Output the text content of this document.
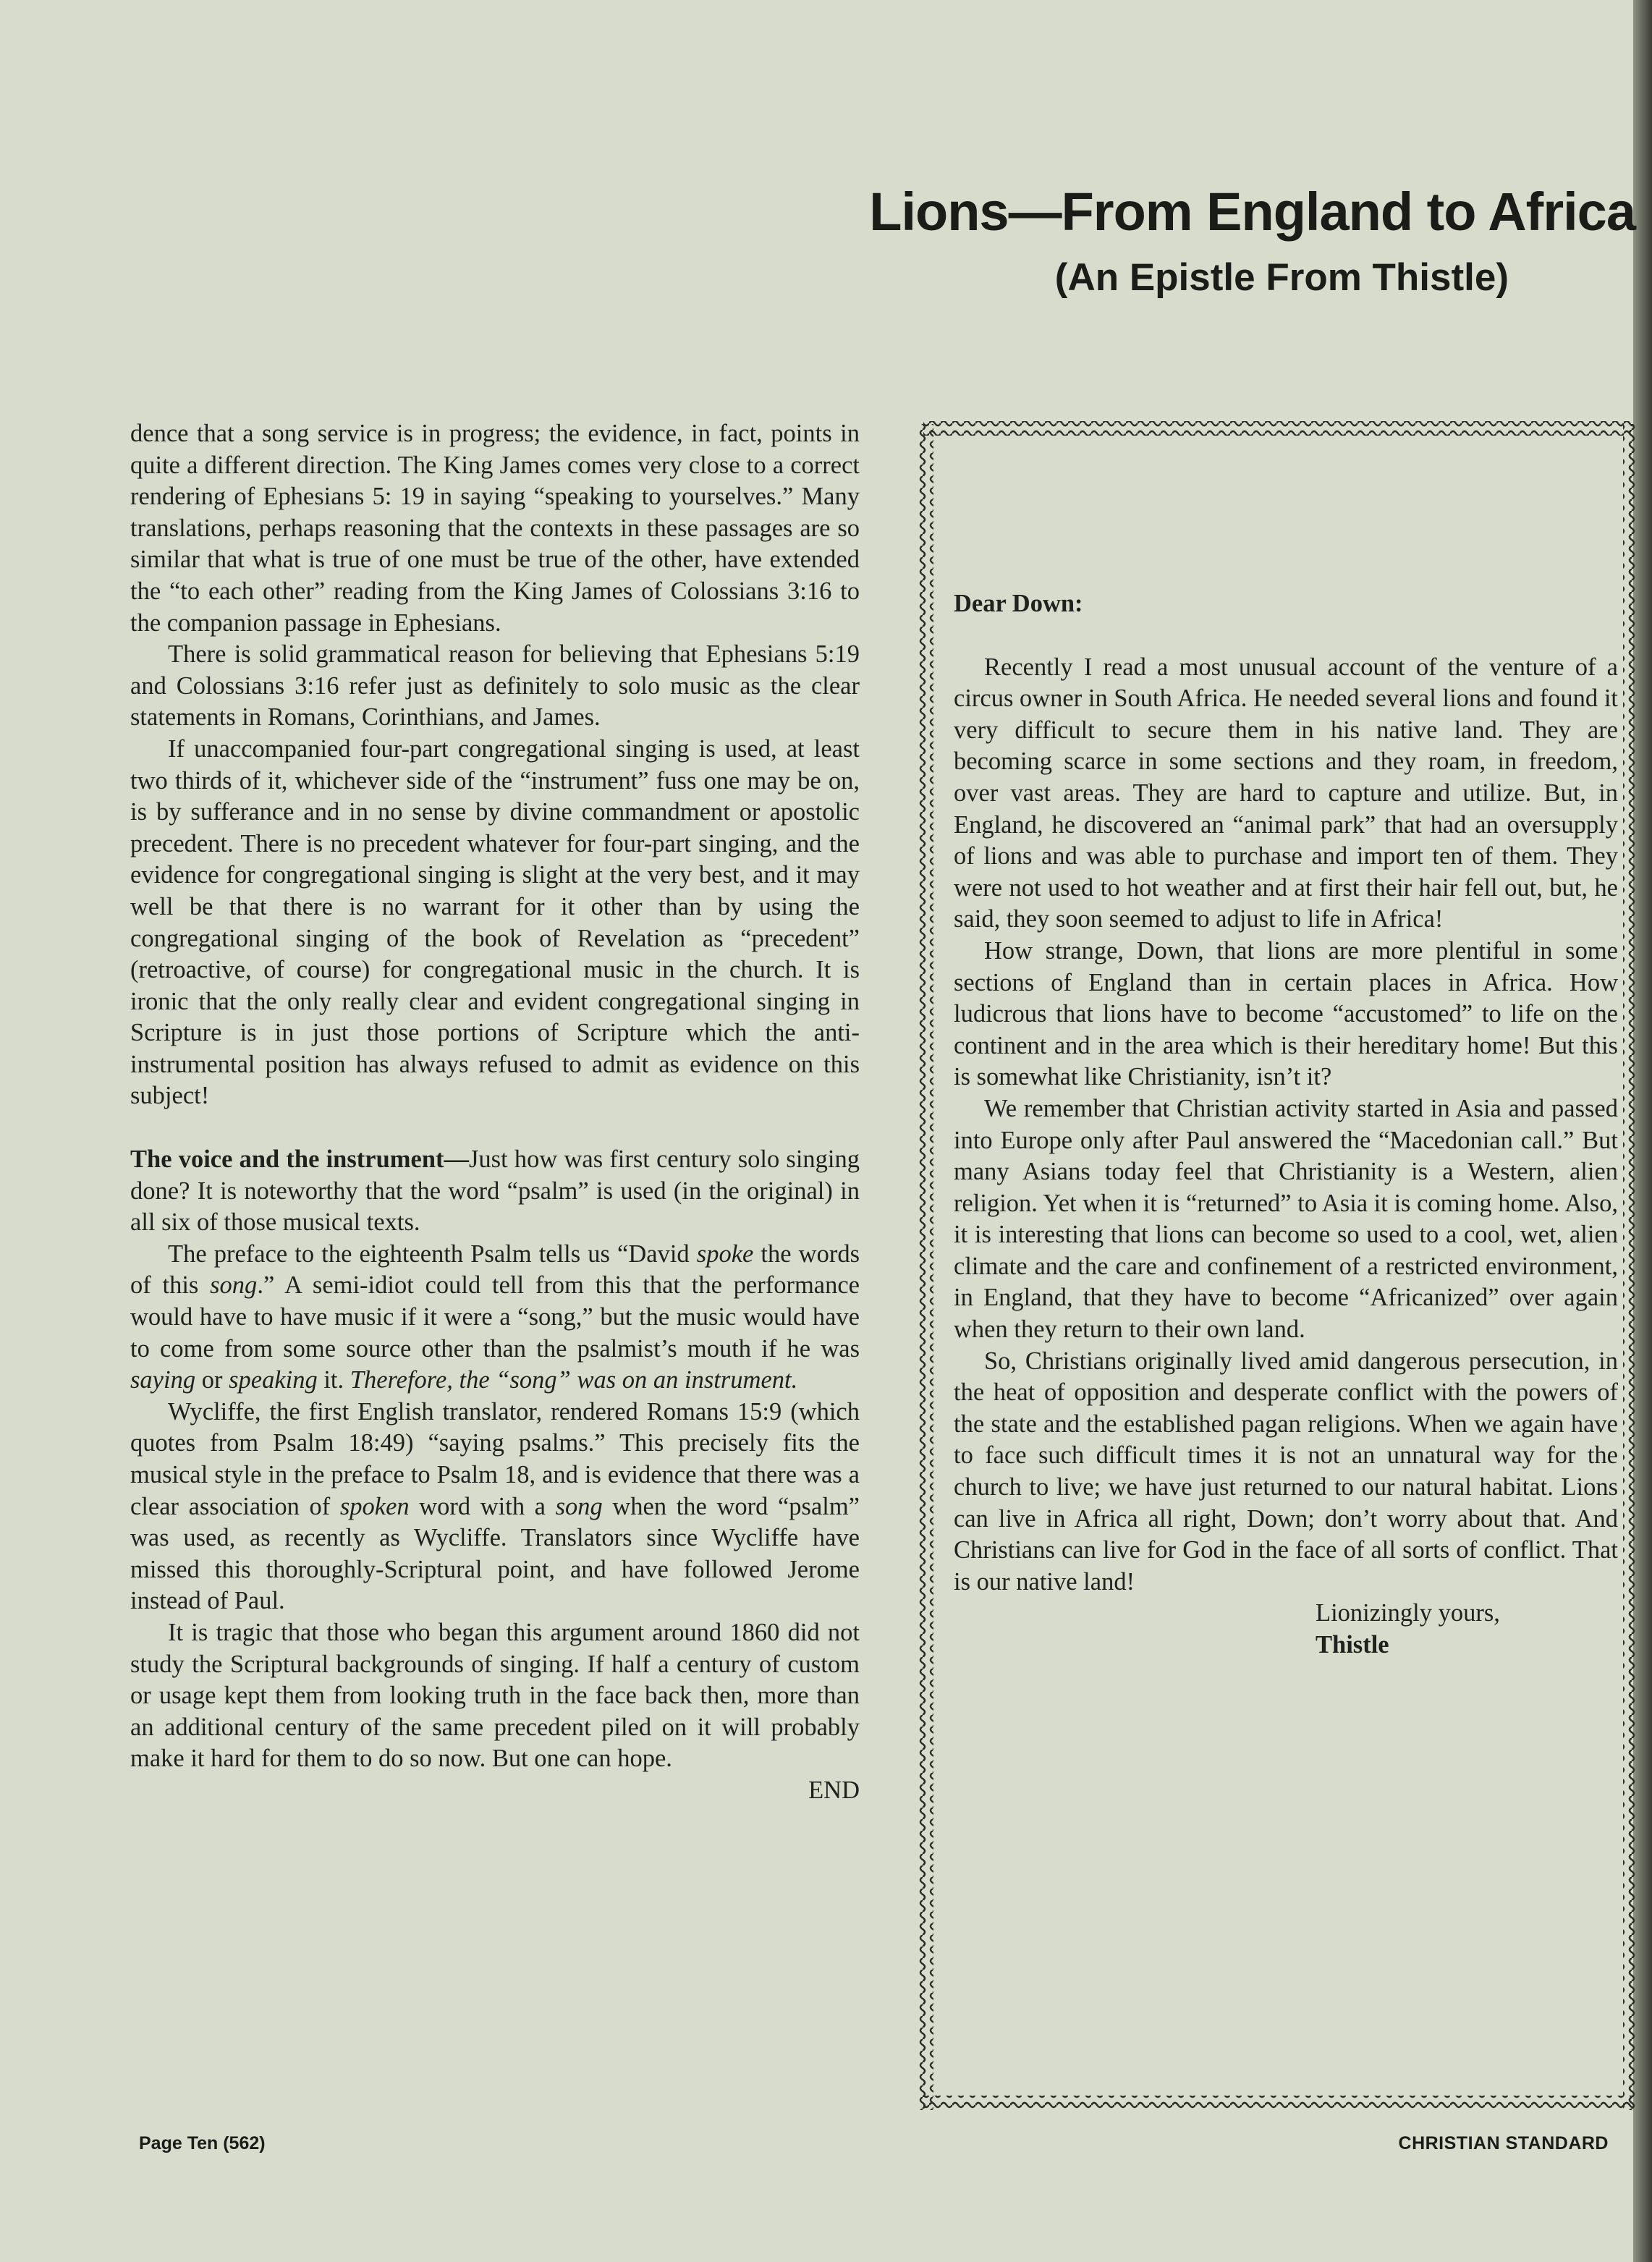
Lions—From England to Africa
(An Epistle From Thistle)

dence that a song service is in progress; the evidence, in fact, points in quite a different direction. The King James comes very close to a correct rendering of Ephesians 5: 19 in saying “speaking to yourselves.” Many translations, perhaps reasoning that the contexts in these passages are so similar that what is true of one must be true of the other, have extended the “to each other” reading from the King James of Colossians 3:16 to the companion passage in Ephesians.

There is solid grammatical reason for believing that Ephesians 5:19 and Colossians 3:16 refer just as definitely to solo music as the clear statements in Romans, Corinthians, and James.

If unaccompanied four-part congregational singing is used, at least two thirds of it, whichever side of the “instrument” fuss one may be on, is by sufferance and in no sense by divine commandment or apostolic precedent. There is no precedent whatever for four-part singing, and the evidence for congregational singing is slight at the very best, and it may well be that there is no warrant for it other than by using the congregational singing of the book of Revelation as “precedent” (retroactive, of course) for congregational music in the church. It is ironic that the only really clear and evident congregational singing in Scripture is in just those portions of Scripture which the anti-instrumental position has always refused to admit as evidence on this subject!

The voice and the instrument—Just how was first century solo singing done? It is noteworthy that the word “psalm” is used (in the original) in all six of those musical texts.

The preface to the eighteenth Psalm tells us “David spoke the words of this song.” A semi-idiot could tell from this that the performance would have to have music if it were a “song,” but the music would have to come from some source other than the psalmist’s mouth if he was saying or speaking it. Therefore, the “song” was on an instrument.

Wycliffe, the first English translator, rendered Romans 15:9 (which quotes from Psalm 18:49) “saying psalms.” This precisely fits the musical style in the preface to Psalm 18, and is evidence that there was a clear association of spoken word with a song when the word “psalm” was used, as recently as Wycliffe. Translators since Wycliffe have missed this thoroughly-Scriptural point, and have followed Jerome instead of Paul.

It is tragic that those who began this argument around 1860 did not study the Scriptural backgrounds of singing. If half a century of custom or usage kept them from looking truth in the face back then, more than an additional century of the same precedent piled on it will probably make it hard for them to do so now. But one can hope.

END

Dear Down:

Recently I read a most unusual account of the venture of a circus owner in South Africa. He needed several lions and found it very difficult to secure them in his native land. They are becoming scarce in some sections and they roam, in freedom, over vast areas. They are hard to capture and utilize. But, in England, he discovered an “animal park” that had an oversupply of lions and was able to purchase and import ten of them. They were not used to hot weather and at first their hair fell out, but, he said, they soon seemed to adjust to life in Africa!

How strange, Down, that lions are more plentiful in some sections of England than in certain places in Africa. How ludicrous that lions have to become “accustomed” to life on the continent and in the area which is their hereditary home! But this is somewhat like Christianity, isn’t it?

We remember that Christian activity started in Asia and passed into Europe only after Paul answered the “Macedonian call.” But many Asians today feel that Christianity is a Western, alien religion. Yet when it is “returned” to Asia it is coming home. Also, it is interesting that lions can become so used to a cool, wet, alien climate and the care and confinement of a restricted environment, in England, that they have to become “Africanized” over again when they return to their own land.

So, Christians originally lived amid dangerous persecution, in the heat of opposition and desperate conflict with the powers of the state and the established pagan religions. When we again have to face such difficult times it is not an unnatural way for the church to live; we have just returned to our natural habitat. Lions can live in Africa all right, Down; don’t worry about that. And Christians can live for God in the face of all sorts of conflict. That is our native land!

Lionizingly yours,

Thistle

Page Ten (562)	CHRISTIAN STANDARD
